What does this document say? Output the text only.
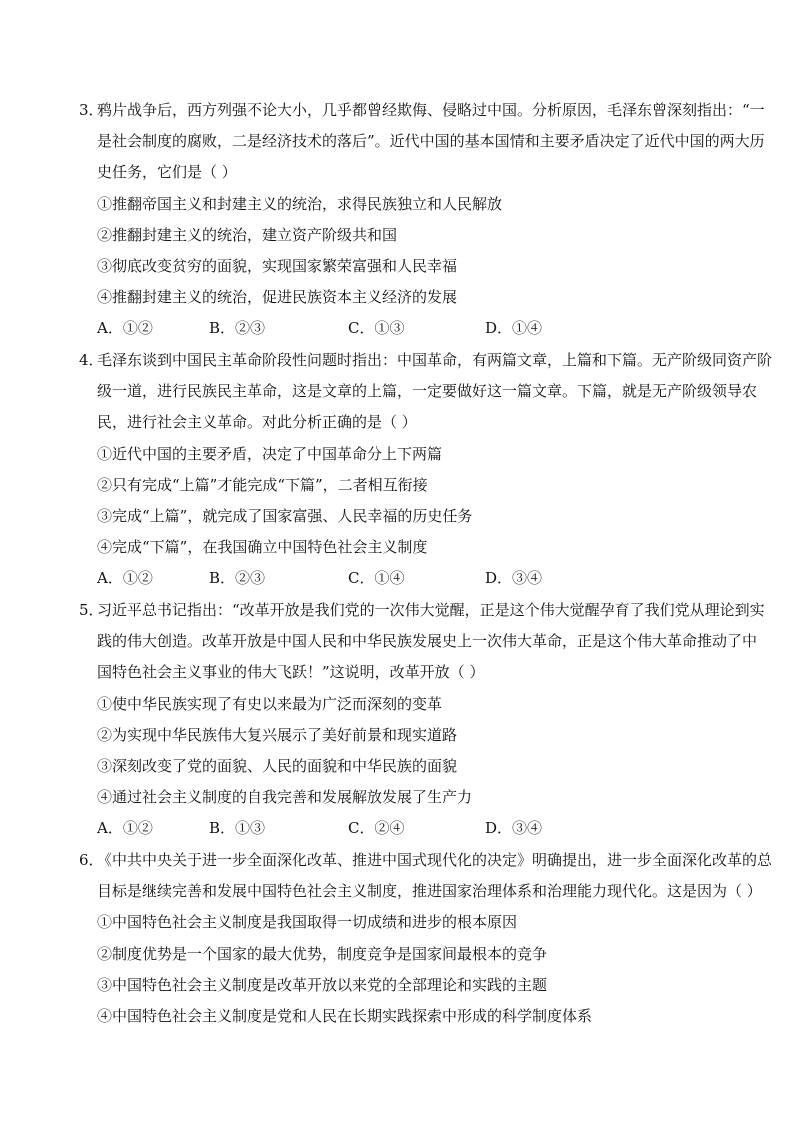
3．鸦片战争后，西方列强不论大小，几乎都曾经欺侮、侵略过中国。分析原因，毛泽东曾深刻指出：“一
是社会制度的腐败，二是经济技术的落后”。近代中国的基本国情和主要矛盾决定了近代中国的两大历
史任务，它们是（ ）
①推翻帝国主义和封建主义的统治，求得民族独立和人民解放
②推翻封建主义的统治，建立资产阶级共和国
③彻底改变贫穷的面貌，实现国家繁荣富强和人民幸福
④推翻封建主义的统治，促进民族资本主义经济的发展
A．①②	B．②③	C．①③	D．①④
4．毛泽东谈到中国民主革命阶段性问题时指出：中国革命，有两篇文章，上篇和下篇。无产阶级同资产阶
级一道，进行民族民主革命，这是文章的上篇，一定要做好这一篇文章。下篇，就是无产阶级领导农
民，进行社会主义革命。对此分析正确的是（ ）
①近代中国的主要矛盾，决定了中国革命分上下两篇
②只有完成“上篇”才能完成“下篇”，二者相互衔接
③完成“上篇”，就完成了国家富强、人民幸福的历史任务
④完成“下篇”，在我国确立中国特色社会主义制度
A．①②	B．②③	C．①④	D．③④
5．习近平总书记指出：“改革开放是我们党的一次伟大觉醒，正是这个伟大觉醒孕育了我们党从理论到实
践的伟大创造。改革开放是中国人民和中华民族发展史上一次伟大革命，正是这个伟大革命推动了中
国特色社会主义事业的伟大飞跃！”这说明，改革开放（ ）
①使中华民族实现了有史以来最为广泛而深刻的变革
②为实现中华民族伟大复兴展示了美好前景和现实道路
③深刻改变了党的面貌、人民的面貌和中华民族的面貌
④通过社会主义制度的自我完善和发展解放发展了生产力
A．①②	B．①③	C．②④	D．③④
6．《中共中央关于进一步全面深化改革、推进中国式现代化的决定》明确提出，进一步全面深化改革的总
目标是继续完善和发展中国特色社会主义制度，推进国家治理体系和治理能力现代化。这是因为（ ）
①中国特色社会主义制度是我国取得一切成绩和进步的根本原因
②制度优势是一个国家的最大优势，制度竞争是国家间最根本的竞争
③中国特色社会主义制度是改革开放以来党的全部理论和实践的主题
④中国特色社会主义制度是党和人民在长期实践探索中形成的科学制度体系
